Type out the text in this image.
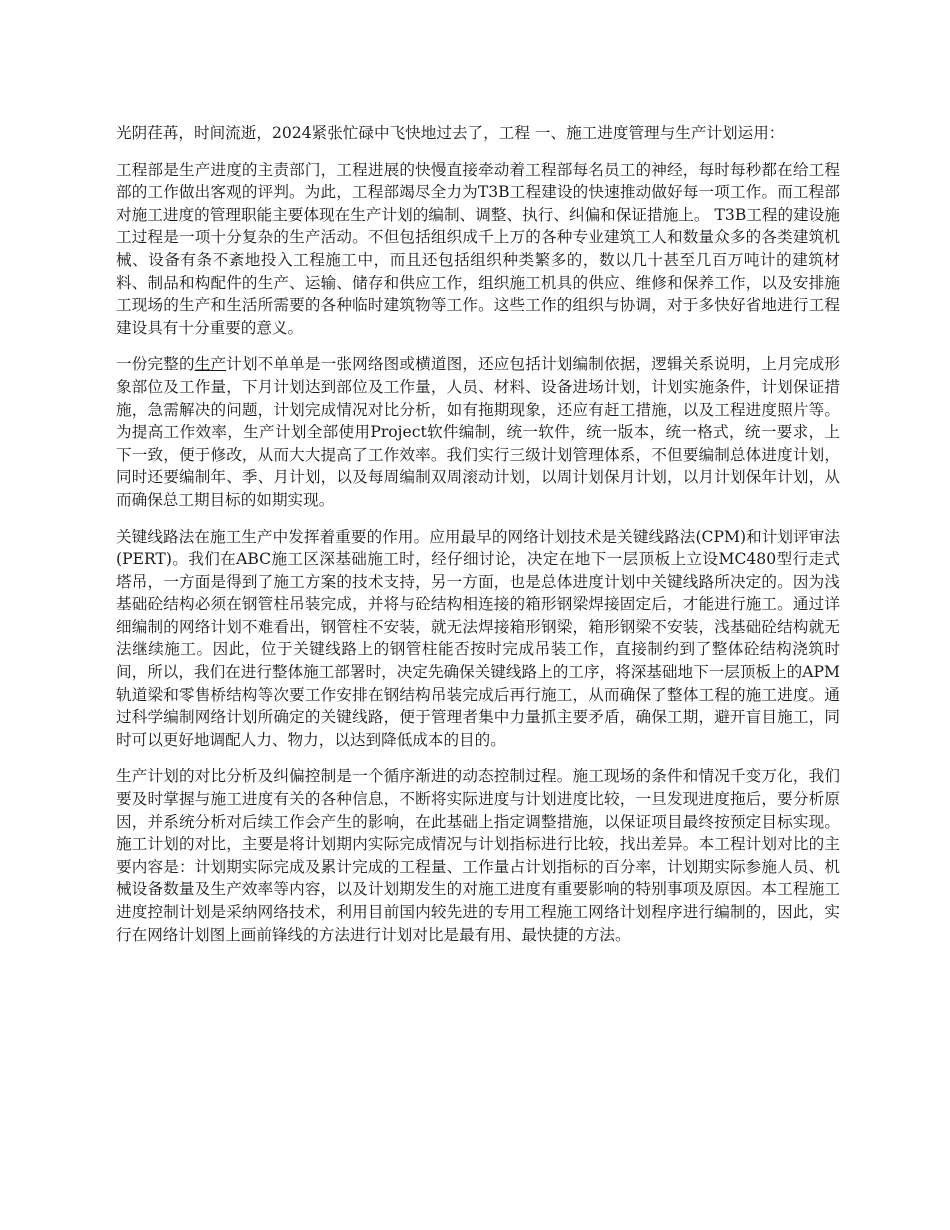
光阴荏苒，时间流逝，2024紧张忙碌中飞快地过去了，工程 一、施工进度管理与生产计划运用：

工程部是生产进度的主责部门，工程进展的快慢直接牵动着工程部每名员工的神经，每时每秒都在给工程部的工作做出客观的评判。为此，工程部竭尽全力为T3B工程建设的快速推动做好每一项工作。而工程部对施工进度的管理职能主要体现在生产计划的编制、调整、执行、纠偏和保证措施上。 T3B工程的建设施工过程是一项十分复杂的生产活动。不但包括组织成千上万的各种专业建筑工人和数量众多的各类建筑机械、设备有条不紊地投入工程施工中，而且还包括组织种类繁多的，数以几十甚至几百万吨计的建筑材料、制品和构配件的生产、运输、储存和供应工作，组织施工机具的供应、维修和保养工作，以及安排施工现场的生产和生活所需要的各种临时建筑物等工作。这些工作的组织与协调，对于多快好省地进行工程建设具有十分重要的意义。

一份完整的生产计划不单单是一张网络图或横道图，还应包括计划编制依据，逻辑关系说明，上月完成形象部位及工作量，下月计划达到部位及工作量，人员、材料、设备进场计划，计划实施条件，计划保证措施，急需解决的问题，计划完成情况对比分析，如有拖期现象，还应有赶工措施，以及工程进度照片等。为提高工作效率，生产计划全部使用Project软件编制，统一软件，统一版本，统一格式，统一要求，上下一致，便于修改，从而大大提高了工作效率。我们实行三级计划管理体系，不但要编制总体进度计划，同时还要编制年、季、月计划，以及每周编制双周滚动计划，以周计划保月计划，以月计划保年计划，从而确保总工期目标的如期实现。

关键线路法在施工生产中发挥着重要的作用。应用最早的网络计划技术是关键线路法(CPM)和计划评审法(PERT)。我们在ABC施工区深基础施工时，经仔细讨论，决定在地下一层顶板上立设MC480型行走式塔吊，一方面是得到了施工方案的技术支持，另一方面，也是总体进度计划中关键线路所决定的。因为浅基础砼结构必须在钢管柱吊装完成，并将与砼结构相连接的箱形钢梁焊接固定后，才能进行施工。通过详细编制的网络计划不难看出，钢管柱不安装，就无法焊接箱形钢梁，箱形钢梁不安装，浅基础砼结构就无法继续施工。因此，位于关键线路上的钢管柱能否按时完成吊装工作，直接制约到了整体砼结构浇筑时间，所以，我们在进行整体施工部署时，决定先确保关键线路上的工序，将深基础地下一层顶板上的APM轨道梁和零售桥结构等次要工作安排在钢结构吊装完成后再行施工，从而确保了整体工程的施工进度。通过科学编制网络计划所确定的关键线路，便于管理者集中力量抓主要矛盾，确保工期，避开盲目施工，同时可以更好地调配人力、物力，以达到降低成本的目的。

生产计划的对比分析及纠偏控制是一个循序渐进的动态控制过程。施工现场的条件和情况千变万化，我们要及时掌握与施工进度有关的各种信息，不断将实际进度与计划进度比较，一旦发现进度拖后，要分析原因，并系统分析对后续工作会产生的影响，在此基础上指定调整措施，以保证项目最终按预定目标实现。施工计划的对比，主要是将计划期内实际完成情况与计划指标进行比较，找出差异。本工程计划对比的主要内容是：计划期实际完成及累计完成的工程量、工作量占计划指标的百分率，计划期实际参施人员、机械设备数量及生产效率等内容，以及计划期发生的对施工进度有重要影响的特别事项及原因。本工程施工进度控制计划是采纳网络技术，利用目前国内较先进的专用工程施工网络计划程序进行编制的，因此，实行在网络计划图上画前锋线的方法进行计划对比是最有用、最快捷的方法。
